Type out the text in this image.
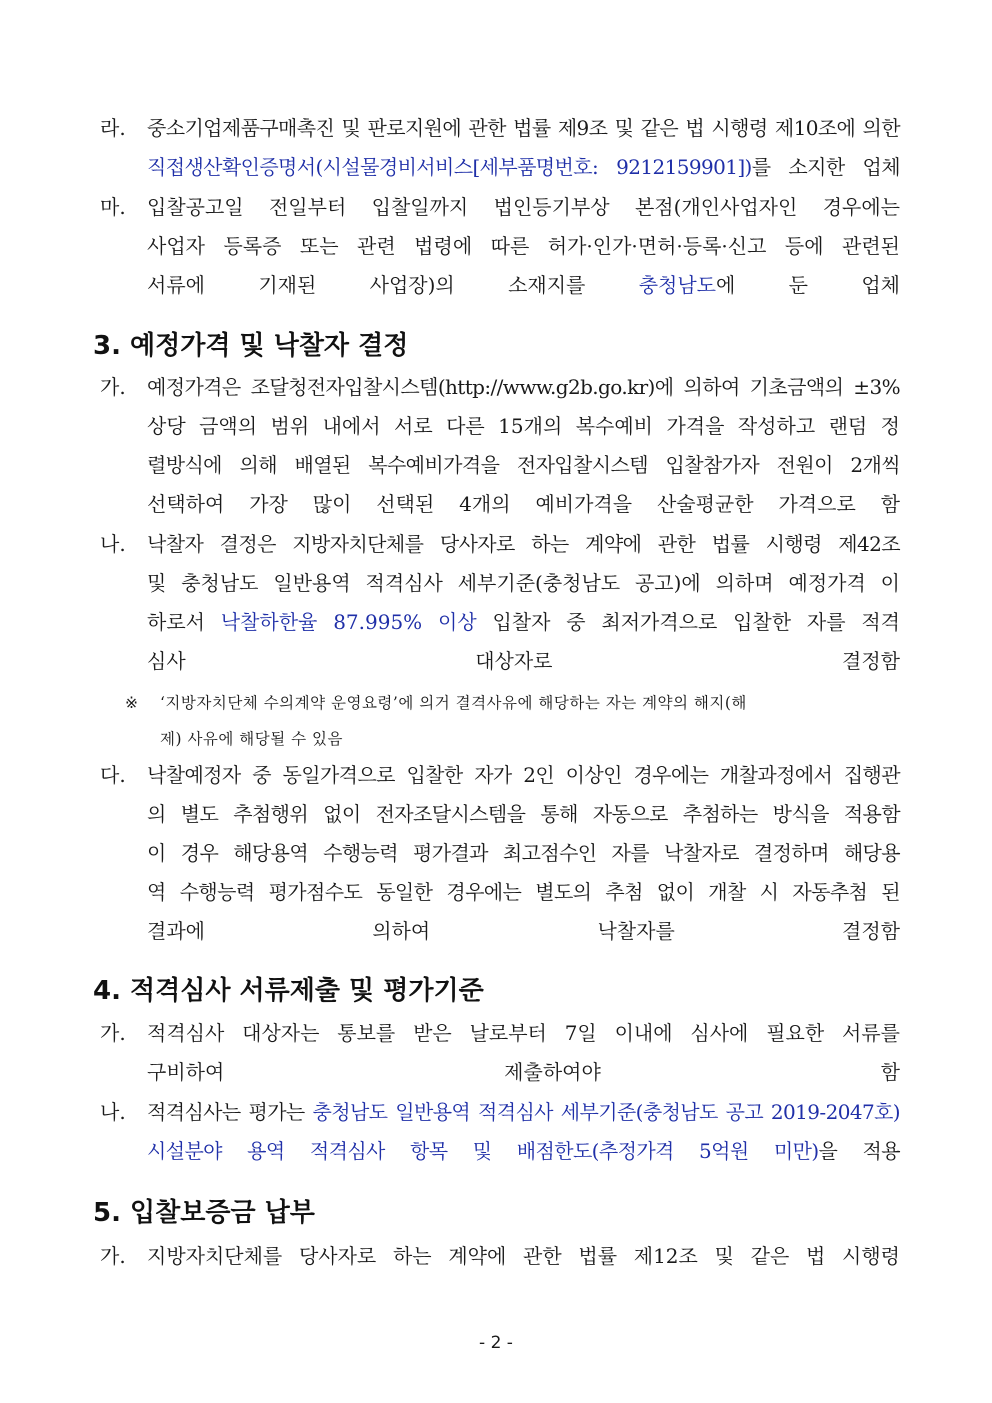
라.	중소기업제품구매촉진 및 판로지원에 관한 법률 제9조 및 같은 법 시행령 제10조에 의한
직접생산확인증명서(시설물경비서비스[세부품명번호: 9212159901])를 소지한 업체
마.	입찰공고일 전일부터 입찰일까지 법인등기부상 본점(개인사업자인 경우에는
사업자 등록증 또는 관련 법령에 따른 허가·인가·면허·등록·신고 등에 관련된
서류에 기재된 사업장)의 소재지를 충청남도에 둔 업체
3. 예정가격 및 낙찰자 결정
가.	예정가격은 조달청전자입찰시스템(http://www.g2b.go.kr)에 의하여 기초금액의 ±3%
상당 금액의 범위 내에서 서로 다른 15개의 복수예비 가격을 작성하고 랜덤 정
렬방식에 의해 배열된 복수예비가격을 전자입찰시스템 입찰참가자 전원이 2개씩
선택하여 가장 많이 선택된 4개의 예비가격을 산술평균한 가격으로 함
나.	낙찰자 결정은 지방자치단체를 당사자로 하는 계약에 관한 법률 시행령 제42조
및 충청남도 일반용역 적격심사 세부기준(충청남도 공고)에 의하며 예정가격 이
하로서 낙찰하한율 87.995% 이상 입찰자 중 최저가격으로 입찰한 자를 적격
심사 대상자로 결정함
※ ‘지방자치단체 수의계약 운영요령’에 의거 결격사유에 해당하는 자는 계약의 해지(해
제) 사유에 해당될 수 있음
다.	낙찰예정자 중 동일가격으로 입찰한 자가 2인 이상인 경우에는 개찰과정에서 집행관
의 별도 추첨행위 없이 전자조달시스템을 통해 자동으로 추첨하는 방식을 적용함
이 경우 해당용역 수행능력 평가결과 최고점수인 자를 낙찰자로 결정하며 해당용
역 수행능력 평가점수도 동일한 경우에는 별도의 추첨 없이 개찰 시 자동추첨 된
결과에 의하여 낙찰자를 결정함
4. 적격심사 서류제출 및 평가기준
가.	적격심사 대상자는 통보를 받은 날로부터 7일 이내에 심사에 필요한 서류를
구비하여 제출하여야 함
나.	적격심사는 평가는 충청남도 일반용역 적격심사 세부기준(충청남도 공고 2019-2047호)
시설분야 용역 적격심사 항목 및 배점한도(추정가격 5억원 미만)을 적용
5. 입찰보증금 납부
가.	지방자치단체를 당사자로 하는 계약에 관한 법률 제12조 및 같은 법 시행령
- 2 -
